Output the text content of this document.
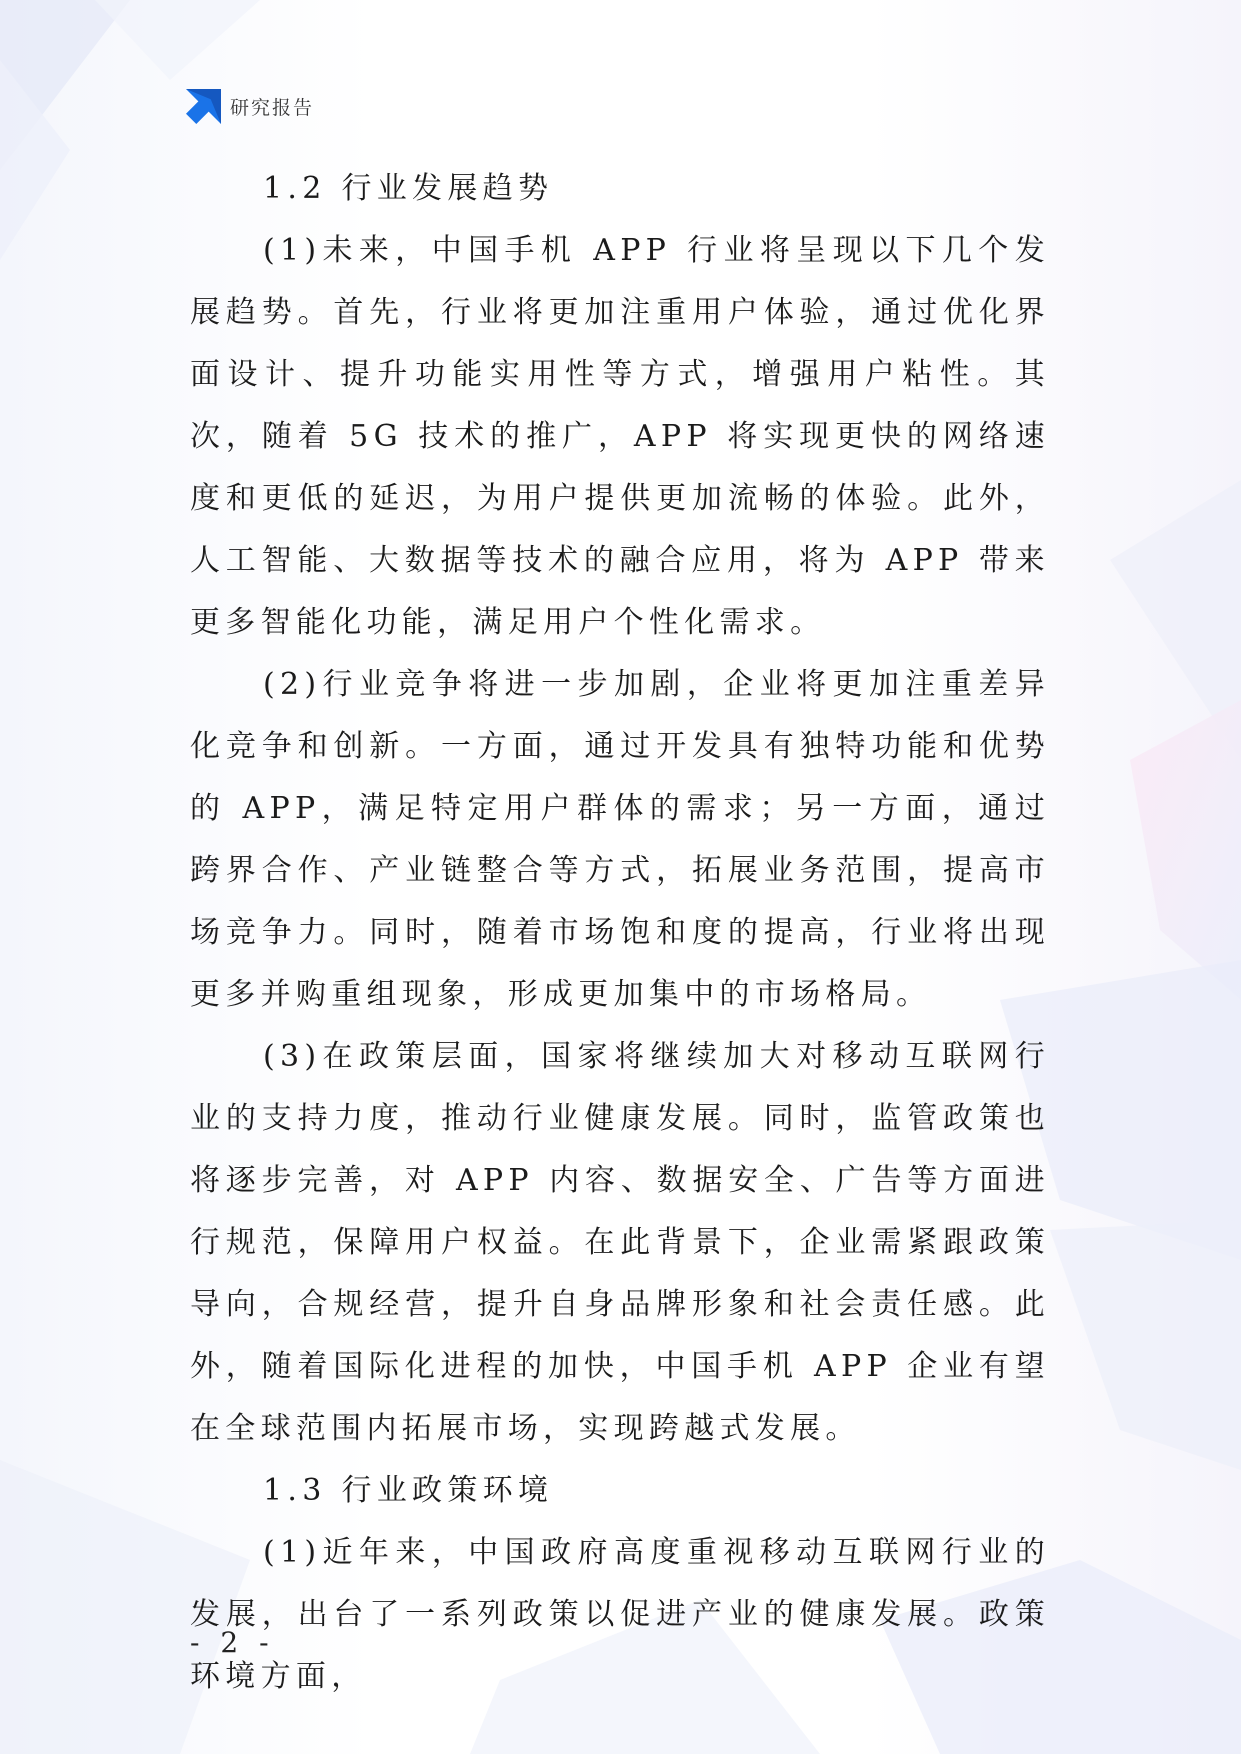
研究报告

1.2 行业发展趋势

(1)未来，中国手机 APP 行业将呈现以下几个发展趋势。首先，行业将更加注重用户体验，通过优化界面设计、提升功能实用性等方式，增强用户粘性。其次，随着 5G 技术的推广，APP 将实现更快的网络速度和更低的延迟，为用户提供更加流畅的体验。此外，人工智能、大数据等技术的融合应用，将为 APP 带来更多智能化功能，满足用户个性化需求。

(2)行业竞争将进一步加剧，企业将更加注重差异化竞争和创新。一方面，通过开发具有独特功能和优势的 APP，满足特定用户群体的需求；另一方面，通过跨界合作、产业链整合等方式，拓展业务范围，提高市场竞争力。同时，随着市场饱和度的提高，行业将出现更多并购重组现象，形成更加集中的市场格局。

(3)在政策层面，国家将继续加大对移动互联网行业的支持力度，推动行业健康发展。同时，监管政策也将逐步完善，对 APP 内容、数据安全、广告等方面进行规范，保障用户权益。在此背景下，企业需紧跟政策导向，合规经营，提升自身品牌形象和社会责任感。此外，随着国际化进程的加快，中国手机 APP 企业有望在全球范围内拓展市场，实现跨越式发展。

1.3 行业政策环境

(1)近年来，中国政府高度重视移动互联网行业的发展，出台了一系列政策以促进产业的健康发展。政策环境方面，

- 2 -
